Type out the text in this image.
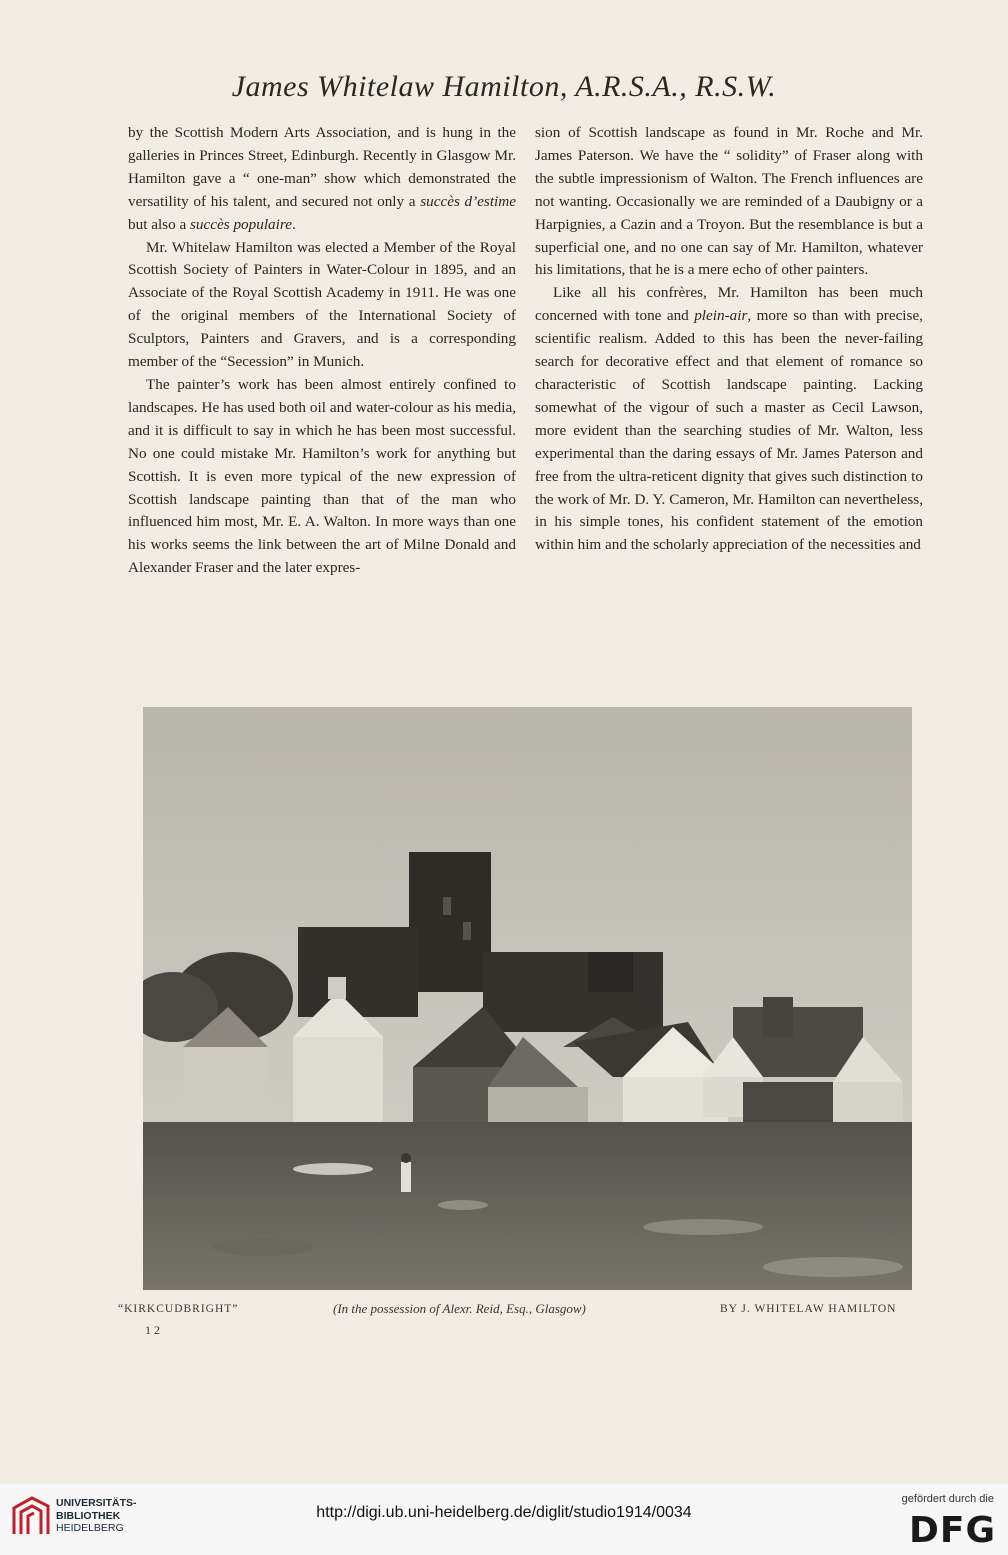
James Whitelaw Hamilton, A.R.S.A., R.S.W.

by the Scottish Modern Arts Association, and is hung in the galleries in Princes Street, Edinburgh. Recently in Glasgow Mr. Hamilton gave a “ one-man” show which demonstrated the versatility of his talent, and secured not only a succès d’estime but also a succès populaire.

Mr. Whitelaw Hamilton was elected a Member of the Royal Scottish Society of Painters in Water-Colour in 1895, and an Associate of the Royal Scottish Academy in 1911. He was one of the original members of the International Society of Sculptors, Painters and Gravers, and is a corresponding member of the “Secession” in Munich.

The painter’s work has been almost entirely confined to landscapes. He has used both oil and water-colour as his media, and it is difficult to say in which he has been most successful. No one could mistake Mr. Hamilton’s work for anything but Scottish. It is even more typical of the new expression of Scottish landscape painting than that of the man who influenced him most, Mr. E. A. Walton. In more ways than one his works seems the link between the art of Milne Donald and Alexander Fraser and the later expres-

sion of Scottish landscape as found in Mr. Roche and Mr. James Paterson. We have the “ solidity” of Fraser along with the subtle impressionism of Walton. The French influences are not wanting. Occasionally we are reminded of a Daubigny or a Harpignies, a Cazin and a Troyon. But the resemblance is but a superficial one, and no one can say of Mr. Hamilton, whatever his limitations, that he is a mere echo of other painters.

Like all his confrères, Mr. Hamilton has been much concerned with tone and plein-air, more so than with precise, scientific realism. Added to this has been the never-failing search for decorative effect and that element of romance so characteristic of Scottish landscape painting. Lacking somewhat of the vigour of such a master as Cecil Lawson, more evident than the searching studies of Mr. Walton, less experimental than the daring essays of Mr. James Paterson and free from the ultra-reticent dignity that gives such distinction to the work of Mr. D. Y. Cameron, Mr. Hamilton can nevertheless, in his simple tones, his confident statement of the emotion within him and the scholarly appreciation of the necessities and

“KIRKCUDBRIGHT”	(In the possession of Alexr. Reid, Esq., Glasgow)	BY J. WHITELAW HAMILTON
12
UNIVERSITÄTS-
BIBLIOTHEK
HEIDELBERG
http://digi.ub.uni-heidelberg.de/diglit/studio1914/0034
gefördert durch die
DFG
